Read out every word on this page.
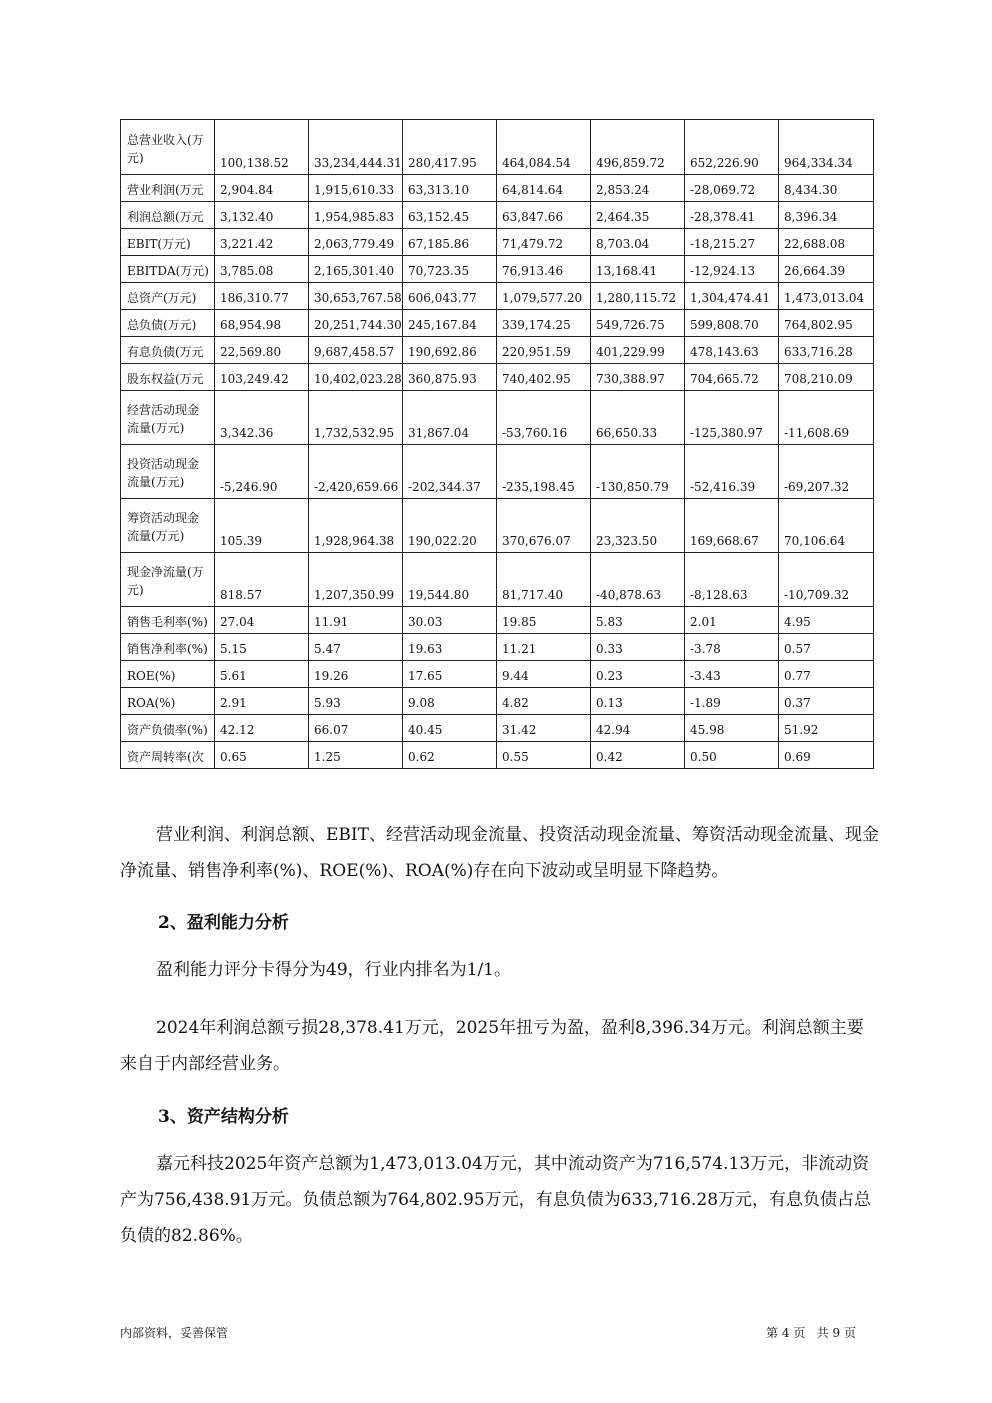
总营业收入(万元)	100,138.52	33,234,444.31	280,417.95	464,084.54	496,859.72	652,226.90	964,334.34
营业利润(万元	2,904.84	1,915,610.33	63,313.10	64,814.64	2,853.24	-28,069.72	8,434.30
利润总额(万元	3,132.40	1,954,985.83	63,152.45	63,847.66	2,464.35	-28,378.41	8,396.34
EBIT(万元)	3,221.42	2,063,779.49	67,185.86	71,479.72	8,703.04	-18,215.27	22,688.08
EBITDA(万元)	3,785.08	2,165,301.40	70,723.35	76,913.46	13,168.41	-12,924.13	26,664.39
总资产(万元)	186,310.77	30,653,767.58	606,043.77	1,079,577.20	1,280,115.72	1,304,474.41	1,473,013.04
总负债(万元)	68,954.98	20,251,744.30	245,167.84	339,174.25	549,726.75	599,808.70	764,802.95
有息负债(万元	22,569.80	9,687,458.57	190,692.86	220,951.59	401,229.99	478,143.63	633,716.28
股东权益(万元	103,249.42	10,402,023.28	360,875.93	740,402.95	730,388.97	704,665.72	708,210.09
经营活动现金流量(万元)	3,342.36	1,732,532.95	31,867.04	-53,760.16	66,650.33	-125,380.97	-11,608.69
投资活动现金流量(万元)	-5,246.90	-2,420,659.66	-202,344.37	-235,198.45	-130,850.79	-52,416.39	-69,207.32
筹资活动现金流量(万元)	105.39	1,928,964.38	190,022.20	370,676.07	23,323.50	169,668.67	70,106.64
现金净流量(万元)	818.57	1,207,350.99	19,544.80	81,717.40	-40,878.63	-8,128.63	-10,709.32
销售毛利率(%)	27.04	11.91	30.03	19.85	5.83	2.01	4.95
销售净利率(%)	5.15	5.47	19.63	11.21	0.33	-3.78	0.57
ROE(%)	5.61	19.26	17.65	9.44	0.23	-3.43	0.77
ROA(%)	2.91	5.93	9.08	4.82	0.13	-1.89	0.37
资产负债率(%)	42.12	66.07	40.45	31.42	42.94	45.98	51.92
资产周转率(次	0.65	1.25	0.62	0.55	0.42	0.50	0.69

营业利润、利润总额、EBIT、经营活动现金流量、投资活动现金流量、筹资活动现金流量、现金净流量、销售净利率(%)、ROE(%)、ROA(%)存在向下波动或呈明显下降趋势。

2、盈利能力分析

盈利能力评分卡得分为49，行业内排名为1/1。

2024年利润总额亏损28,378.41万元，2025年扭亏为盈，盈利8,396.34万元。利润总额主要来自于内部经营业务。

3、资产结构分析

嘉元科技2025年资产总额为1,473,013.04万元，其中流动资产为716,574.13万元，非流动资产为756,438.91万元。负债总额为764,802.95万元，有息负债为633,716.28万元，有息负债占总负债的82.86%。

内部资料，妥善保管	第 4 页   共 9 页
